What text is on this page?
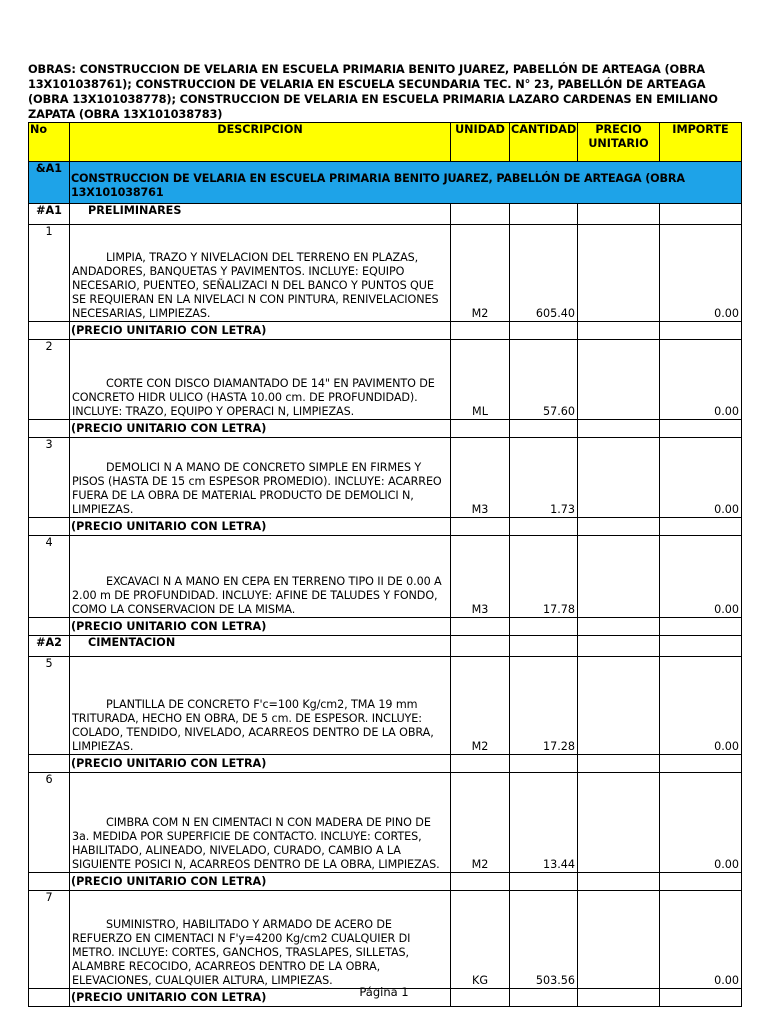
OBRAS: CONSTRUCCION DE VELARIA EN ESCUELA PRIMARIA BENITO JUAREZ, PABELLÓN DE ARTEAGA (OBRA 13X101038761); CONSTRUCCION DE VELARIA EN ESCUELA SECUNDARIA TEC. N° 23, PABELLÓN DE ARTEAGA (OBRA 13X101038778); CONSTRUCCION DE VELARIA EN ESCUELA PRIMARIA LAZARO CARDENAS EN EMILIANO ZAPATA (OBRA 13X101038783)
No	DESCRIPCION	UNIDAD	CANTIDAD	PRECIO UNITARIO	IMPORTE
&A1	CONSTRUCCION DE VELARIA EN ESCUELA PRIMARIA BENITO JUAREZ, PABELLÓN DE ARTEAGA (OBRA 13X101038761				
#A1	PRELIMINARES				
1	LIMPIA, TRAZO Y NIVELACION DEL TERRENO EN PLAZAS, ANDADORES, BANQUETAS Y PAVIMENTOS. INCLUYE: EQUIPO NECESARIO, PUENTEO, SEÑALIZACI N DEL BANCO Y PUNTOS QUE SE REQUIERAN EN LA NIVELACI N CON PINTURA, RENIVELACIONES NECESARIAS, LIMPIEZAS.	M2	605.40		0.00
	(PRECIO UNITARIO CON LETRA)				
2	CORTE CON DISCO DIAMANTADO DE 14" EN PAVIMENTO DE CONCRETO HIDR ULICO (HASTA 10.00 cm. DE PROFUNDIDAD). INCLUYE: TRAZO, EQUIPO Y OPERACI N, LIMPIEZAS.	ML	57.60		0.00
	(PRECIO UNITARIO CON LETRA)				
3	DEMOLICI N A MANO DE CONCRETO SIMPLE EN FIRMES Y PISOS (HASTA DE 15 cm ESPESOR PROMEDIO). INCLUYE: ACARREO FUERA DE LA OBRA DE MATERIAL PRODUCTO DE DEMOLICI N, LIMPIEZAS.	M3	1.73		0.00
	(PRECIO UNITARIO CON LETRA)				
4	EXCAVACI N A MANO EN CEPA EN TERRENO TIPO II DE 0.00 A 2.00 m DE PROFUNDIDAD. INCLUYE: AFINE DE TALUDES Y FONDO, COMO LA CONSERVACION DE LA MISMA.	M3	17.78		0.00
	(PRECIO UNITARIO CON LETRA)				
#A2	CIMENTACION				
5	PLANTILLA DE CONCRETO F'c=100 Kg/cm2, TMA 19 mm TRITURADA, HECHO EN OBRA, DE 5 cm. DE ESPESOR. INCLUYE: COLADO, TENDIDO, NIVELADO, ACARREOS DENTRO DE LA OBRA, LIMPIEZAS.	M2	17.28		0.00
	(PRECIO UNITARIO CON LETRA)				
6	CIMBRA COM N EN CIMENTACI N CON MADERA DE PINO DE 3a. MEDIDA POR SUPERFICIE DE CONTACTO. INCLUYE: CORTES, HABILITADO, ALINEADO, NIVELADO, CURADO, CAMBIO A LA SIGUIENTE POSICI N, ACARREOS DENTRO DE LA OBRA, LIMPIEZAS.	M2	13.44		0.00
	(PRECIO UNITARIO CON LETRA)				
7	SUMINISTRO, HABILITADO Y ARMADO DE ACERO DE REFUERZO EN CIMENTACI N F'y=4200 Kg/cm2 CUALQUIER DI METRO. INCLUYE: CORTES, GANCHOS, TRASLAPES, SILLETAS, ALAMBRE RECOCIDO, ACARREOS DENTRO DE LA OBRA, ELEVACIONES, CUALQUIER ALTURA, LIMPIEZAS.	KG	503.56		0.00
	(PRECIO UNITARIO CON LETRA)					Página 1
